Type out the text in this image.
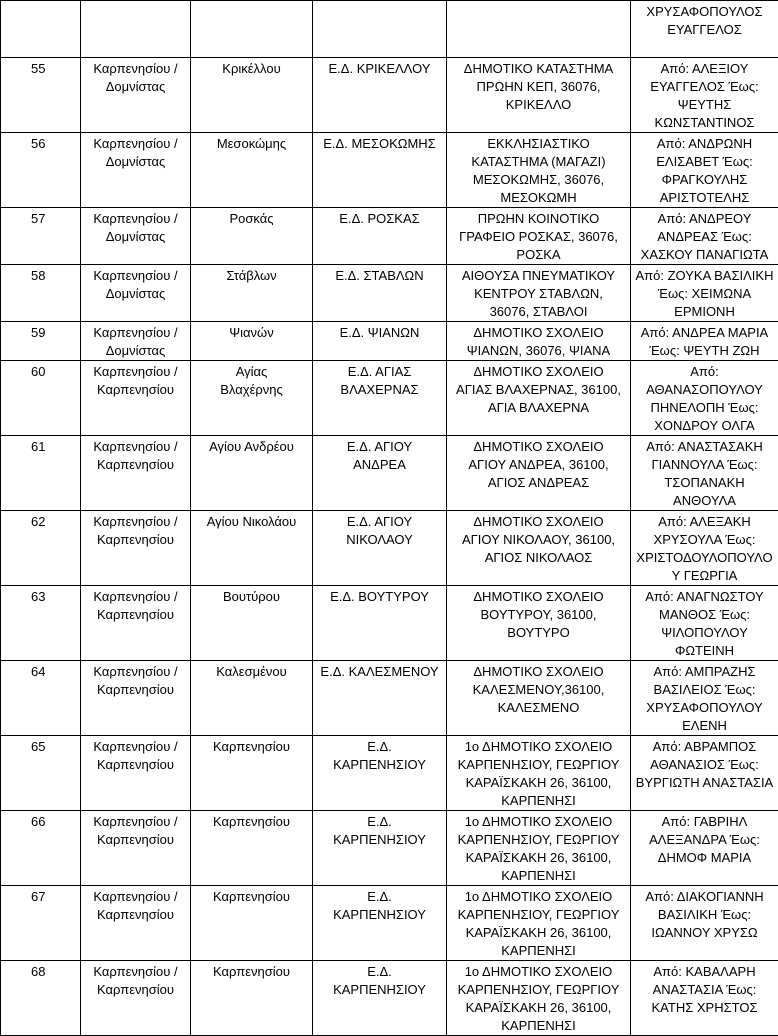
					ΧΡΥΣΑΦΟΠΟΥΛΟΣ
ΕΥΑΓΓΕΛΟΣ
55	Καρπενησίου /
Δομνίστας	Κρικέλλου	Ε.Δ. ΚΡΙΚΕΛΛΟΥ	ΔΗΜΟΤΙΚΟ ΚΑΤΑΣΤΗΜΑ
ΠΡΩΗΝ ΚΕΠ, 36076,
ΚΡΙΚΕΛΛΟ	Από: ΑΛΕΞΙΟΥ
ΕΥΑΓΓΕΛΟΣ Έως:
ΨΕΥΤΗΣ
ΚΩΝΣΤΑΝΤΙΝΟΣ
56	Καρπενησίου /
Δομνίστας	Μεσοκώμης	Ε.Δ. ΜΕΣΟΚΩΜΗΣ	ΕΚΚΛΗΣΙΑΣΤΙΚΟ
ΚΑΤΑΣΤΗΜΑ (ΜΑΓΑΖΙ)
ΜΕΣΟΚΩΜΗΣ, 36076,
ΜΕΣΟΚΩΜΗ	Από: ΑΝΔΡΩΝΗ
ΕΛΙΣΑΒΕΤ Έως:
ΦΡΑΓΚΟΥΛΗΣ
ΑΡΙΣΤΟΤΕΛΗΣ
57	Καρπενησίου /
Δομνίστας	Ροσκάς	Ε.Δ. ΡΟΣΚΑΣ	ΠΡΩΗΝ ΚΟΙΝΟΤΙΚΟ
ΓΡΑΦΕΙΟ ΡΟΣΚΑΣ, 36076,
ΡΟΣΚΑ	Από: ΑΝΔΡΕΟΥ
ΑΝΔΡΕΑΣ Έως:
ΧΑΣΚΟΥ ΠΑΝΑΓΙΩΤΑ
58	Καρπενησίου /
Δομνίστας	Στάβλων	Ε.Δ. ΣΤΑΒΛΩΝ	ΑΙΘΟΥΣΑ ΠΝΕΥΜΑΤΙΚΟΥ
ΚΕΝΤΡΟΥ ΣΤΑΒΛΩΝ,
36076, ΣΤΑΒΛΟΙ	Από: ΖΟΥΚΑ ΒΑΣΙΛΙΚΗ
Έως: ΧΕΙΜΩΝΑ
ΕΡΜΙΟΝΗ
59	Καρπενησίου /
Δομνίστας	Ψιανών	Ε.Δ. ΨΙΑΝΩΝ	ΔΗΜΟΤΙΚΟ ΣΧΟΛΕΙΟ
ΨΙΑΝΩΝ, 36076, ΨΙΑΝΑ	Από: ΑΝΔΡΕΑ ΜΑΡΙΑ
Έως: ΨΕΥΤΗ ΖΩΗ
60	Καρπενησίου /
Καρπενησίου	Αγίας
Βλαχέρνης	Ε.Δ. ΑΓΙΑΣ
ΒΛΑΧΕΡΝΑΣ	ΔΗΜΟΤΙΚΟ ΣΧΟΛΕΙΟ
ΑΓΙΑΣ ΒΛΑΧΕΡΝΑΣ, 36100,
ΑΓΙΑ ΒΛΑΧΕΡΝΑ	Από:
ΑΘΑΝΑΣΟΠΟΥΛΟΥ
ΠΗΝΕΛΟΠΗ Έως:
ΧΟΝΔΡΟΥ ΟΛΓΑ
61	Καρπενησίου /
Καρπενησίου	Αγίου Ανδρέου	Ε.Δ. ΑΓΙΟΥ
ΑΝΔΡΕΑ	ΔΗΜΟΤΙΚΟ ΣΧΟΛΕΙΟ
ΑΓΙΟΥ ΑΝΔΡΕΑ, 36100,
ΑΓΙΟΣ ΑΝΔΡΕΑΣ	Από: ΑΝΑΣΤΑΣΑΚΗ
ΓΙΑΝΝΟΥΛΑ Έως:
ΤΣΟΠΑΝΑΚΗ
ΑΝΘΟΥΛΑ
62	Καρπενησίου /
Καρπενησίου	Αγίου Νικολάου	Ε.Δ. ΑΓΙΟΥ
ΝΙΚΟΛΑΟΥ	ΔΗΜΟΤΙΚΟ ΣΧΟΛΕΙΟ
ΑΓΙΟΥ ΝΙΚΟΛΑΟΥ, 36100,
ΑΓΙΟΣ ΝΙΚΟΛΑΟΣ	Από: ΑΛΕΞΑΚΗ
ΧΡΥΣΟΥΛΑ Έως:
ΧΡΙΣΤΟΔΟΥΛΟΠΟΥΛΟ
Υ ΓΕΩΡΓΙΑ
63	Καρπενησίου /
Καρπενησίου	Βουτύρου	Ε.Δ. ΒΟΥΤΥΡΟΥ	ΔΗΜΟΤΙΚΟ ΣΧΟΛΕΙΟ
ΒΟΥΤΥΡΟΥ, 36100,
ΒΟΥΤΥΡΟ	Από: ΑΝΑΓΝΩΣΤΟΥ
ΜΑΝΘΟΣ Έως:
ΨΙΛΟΠΟΥΛΟΥ
ΦΩΤΕΙΝΗ
64	Καρπενησίου /
Καρπενησίου	Καλεσμένου	Ε.Δ. ΚΑΛΕΣΜΕΝΟΥ	ΔΗΜΟΤΙΚΟ ΣΧΟΛΕΙΟ
ΚΑΛΕΣΜΕΝΟΥ,36100,
ΚΑΛΕΣΜΕΝΟ	Από: ΑΜΠΡΑΖΗΣ
ΒΑΣΙΛΕΙΟΣ Έως:
ΧΡΥΣΑΦΟΠΟΥΛΟΥ
ΕΛΕΝΗ
65	Καρπενησίου /
Καρπενησίου	Καρπενησίου	Ε.Δ.
ΚΑΡΠΕΝΗΣΙΟΥ	1ο ΔΗΜΟΤΙΚΟ ΣΧΟΛΕΙΟ
ΚΑΡΠΕΝΗΣΙΟΥ, ΓΕΩΡΓΙΟΥ
ΚΑΡΑΪΣΚΑΚΗ 26, 36100,
ΚΑΡΠΕΝΗΣΙ	Από: ΑΒΡΑΜΠΟΣ
ΑΘΑΝΑΣΙΟΣ Έως:
ΒΥΡΓΙΩΤΗ ΑΝΑΣΤΑΣΙΑ
66	Καρπενησίου /
Καρπενησίου	Καρπενησίου	Ε.Δ.
ΚΑΡΠΕΝΗΣΙΟΥ	1ο ΔΗΜΟΤΙΚΟ ΣΧΟΛΕΙΟ
ΚΑΡΠΕΝΗΣΙΟΥ, ΓΕΩΡΓΙΟΥ
ΚΑΡΑΪΣΚΑΚΗ 26, 36100,
ΚΑΡΠΕΝΗΣΙ	Από: ΓΑΒΡΙΗΛ
ΑΛΕΞΑΝΔΡΑ Έως:
ΔΗΜΟΦ ΜΑΡΙΑ
67	Καρπενησίου /
Καρπενησίου	Καρπενησίου	Ε.Δ.
ΚΑΡΠΕΝΗΣΙΟΥ	1ο ΔΗΜΟΤΙΚΟ ΣΧΟΛΕΙΟ
ΚΑΡΠΕΝΗΣΙΟΥ, ΓΕΩΡΓΙΟΥ
ΚΑΡΑΪΣΚΑΚΗ 26, 36100,
ΚΑΡΠΕΝΗΣΙ	Από: ΔΙΑΚΟΓΙΑΝΝΗ
ΒΑΣΙΛΙΚΗ Έως:
ΙΩΑΝΝΟΥ ΧΡΥΣΩ
68	Καρπενησίου /
Καρπενησίου	Καρπενησίου	Ε.Δ.
ΚΑΡΠΕΝΗΣΙΟΥ	1ο ΔΗΜΟΤΙΚΟ ΣΧΟΛΕΙΟ
ΚΑΡΠΕΝΗΣΙΟΥ, ΓΕΩΡΓΙΟΥ
ΚΑΡΑΪΣΚΑΚΗ 26, 36100,
ΚΑΡΠΕΝΗΣΙ	Από: ΚΑΒΑΛΑΡΗ
ΑΝΑΣΤΑΣΙΑ Έως:
ΚΑΤΗΣ ΧΡΗΣΤΟΣ
